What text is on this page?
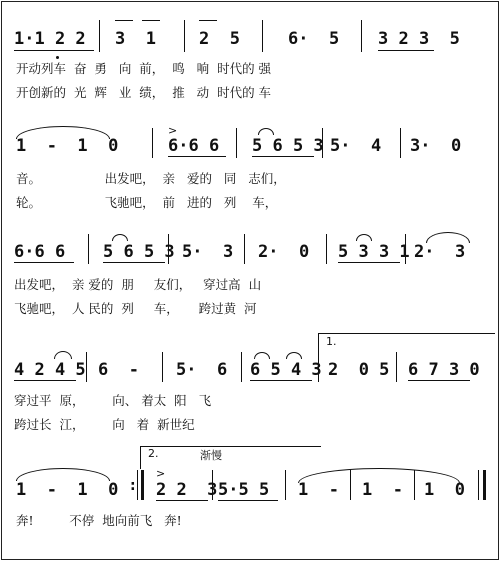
1·1 2 2 3  1	2  5	6·  5 3 2 3  5
开动列车  奋  勇   向  前，  鸣   响  时代的 强
开创新的  光  辉   业  绩，  推   动  时代的 车
1  -  1  0
>
6·6 6 5 6 5 3 5·  4 3·  0
音。                出发吧，  亲   爱的   同   志们，
轮。                飞驰吧，  前   进的   列    车，
6·6 6 5 6 5 3 5·  3 2·  0 5 3 3 1 2·  3
出发吧，  亲 爱的  朋     友们，   穿过高  山
飞驰吧，  人 民的  列     车，     跨过黄  河
1.
4 2 4 5 6  - 5·  6 6 5 4 3 2  0 5 6 7 3 0
穿过平  原，       向、 着太  阳   飞
跨过长  江，       向   着  新世纪
2.	渐慢
1  -  1  0 :
>
2 2  3 5·5 5 1  - 1  - 1  0
奔!         不停  地向前飞   奔!
